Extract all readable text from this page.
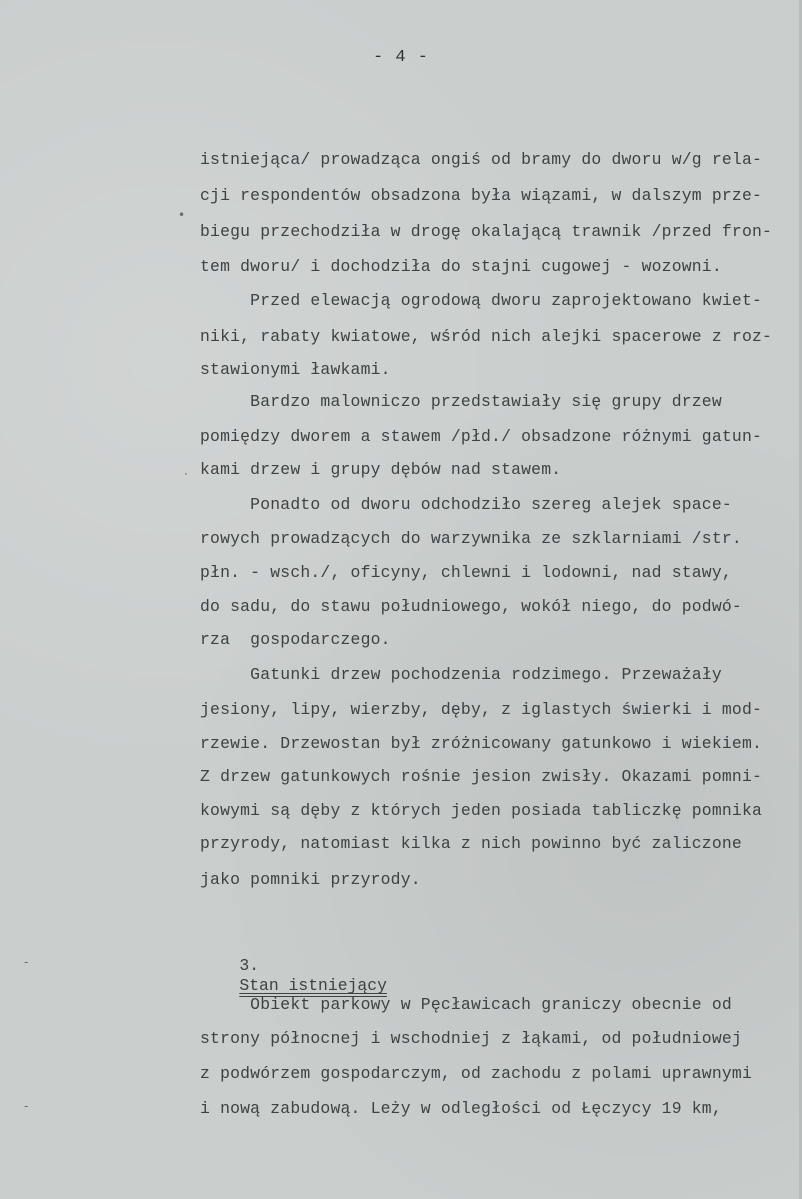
- 4 -
istniejąca/ prowadząca ongiś od bramy do dworu w/g rela-
cji respondentów obsadzona była wiązami, w dalszym prze-
biegu przechodziła w drogę okalającą trawnik /przed fron-
tem dworu/ i dochodziła do stajni cugowej - wozowni.
Przed elewacją ogrodową dworu zaprojektowano kwiet-
niki, rabaty kwiatowe, wśród nich alejki spacerowe z roz-
stawionymi ławkami.
Bardzo malowniczo przedstawiały się grupy drzew
pomiędzy dworem a stawem /płd./ obsadzone różnymi gatun-
kami drzew i grupy dębów nad stawem.
Ponadto od dworu odchodziło szereg alejek space-
rowych prowadzących do warzywnika ze szklarniami /str.
płn. - wsch./, oficyny, chlewni i lodowni, nad stawy,
do sadu, do stawu południowego, wokół niego, do podwó-
rza  gospodarczego.
Gatunki drzew pochodzenia rodzimego. Przeważały
jesiony, lipy, wierzby, dęby, z iglastych świerki i mod-
rzewie. Drzewostan był zróżnicowany gatunkowo i wiekiem.
Z drzew gatunkowych rośnie jesion zwisły. Okazami pomni-
kowymi są dęby z których jeden posiada tabliczkę pomnika
przyrody, natomiast kilka z nich powinno być zaliczone
jako pomniki przyrody.

3.
Stan istniejący

Obiekt parkowy w Pęcławicach graniczy obecnie od
strony północnej i wschodniej z łąkami, od południowej
z podwórzem gospodarczym, od zachodu z polami uprawnymi
i nową zabudową. Leży w odległości od Łęczycy 19 km,
•
·
-
-
